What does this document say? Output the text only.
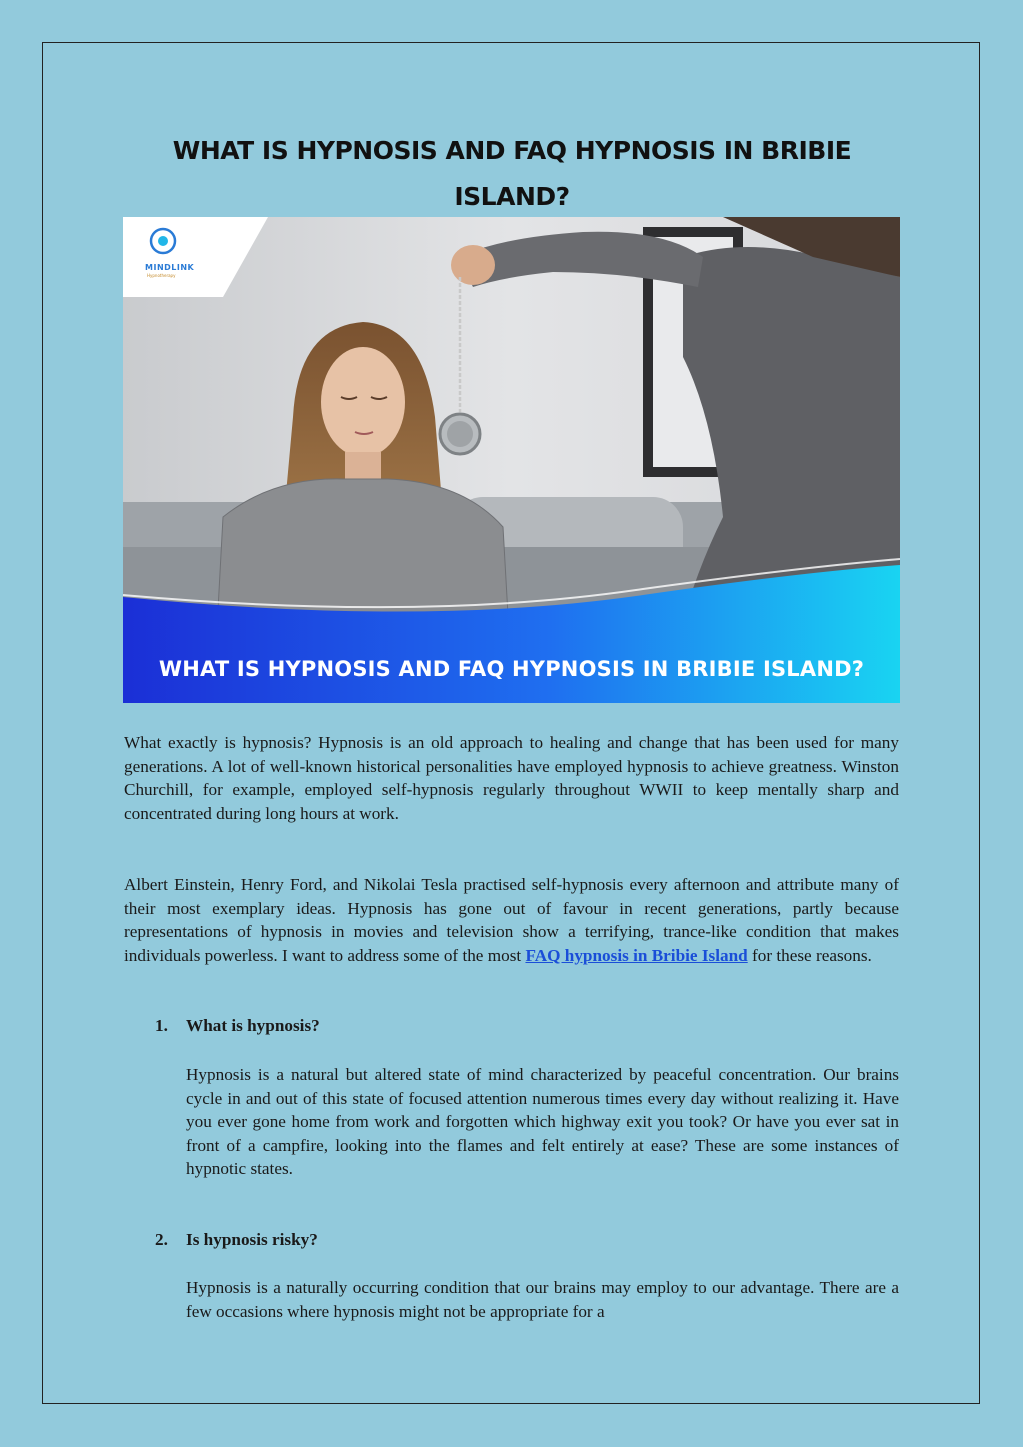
WHAT IS HYPNOSIS AND FAQ HYPNOSIS IN BRIBIE ISLAND?
MINDLINK
Hypnotherapy
WHAT IS HYPNOSIS AND FAQ HYPNOSIS IN BRIBIE ISLAND?
What exactly is hypnosis? Hypnosis is an old approach to healing and change that has been used for many generations. A lot of well-known historical personalities have employed hypnosis to achieve greatness. Winston Churchill, for example, employed self-hypnosis regularly throughout WWII to keep mentally sharp and concentrated during long hours at work.
Albert Einstein, Henry Ford, and Nikolai Tesla practised self-hypnosis every afternoon and attribute many of their most exemplary ideas. Hypnosis has gone out of favour in recent generations, partly because representations of hypnosis in movies and television show a terrifying, trance-like condition that makes individuals powerless. I want to address some of the most FAQ hypnosis in Bribie Island for these reasons.
1. What is hypnosis?
Hypnosis is a natural but altered state of mind characterized by peaceful concentration. Our brains cycle in and out of this state of focused attention numerous times every day without realizing it. Have you ever gone home from work and forgotten which highway exit you took? Or have you ever sat in front of a campfire, looking into the flames and felt entirely at ease? These are some instances of hypnotic states.
2. Is hypnosis risky?
Hypnosis is a naturally occurring condition that our brains may employ to our advantage. There are a few occasions where hypnosis might not be appropriate for a
